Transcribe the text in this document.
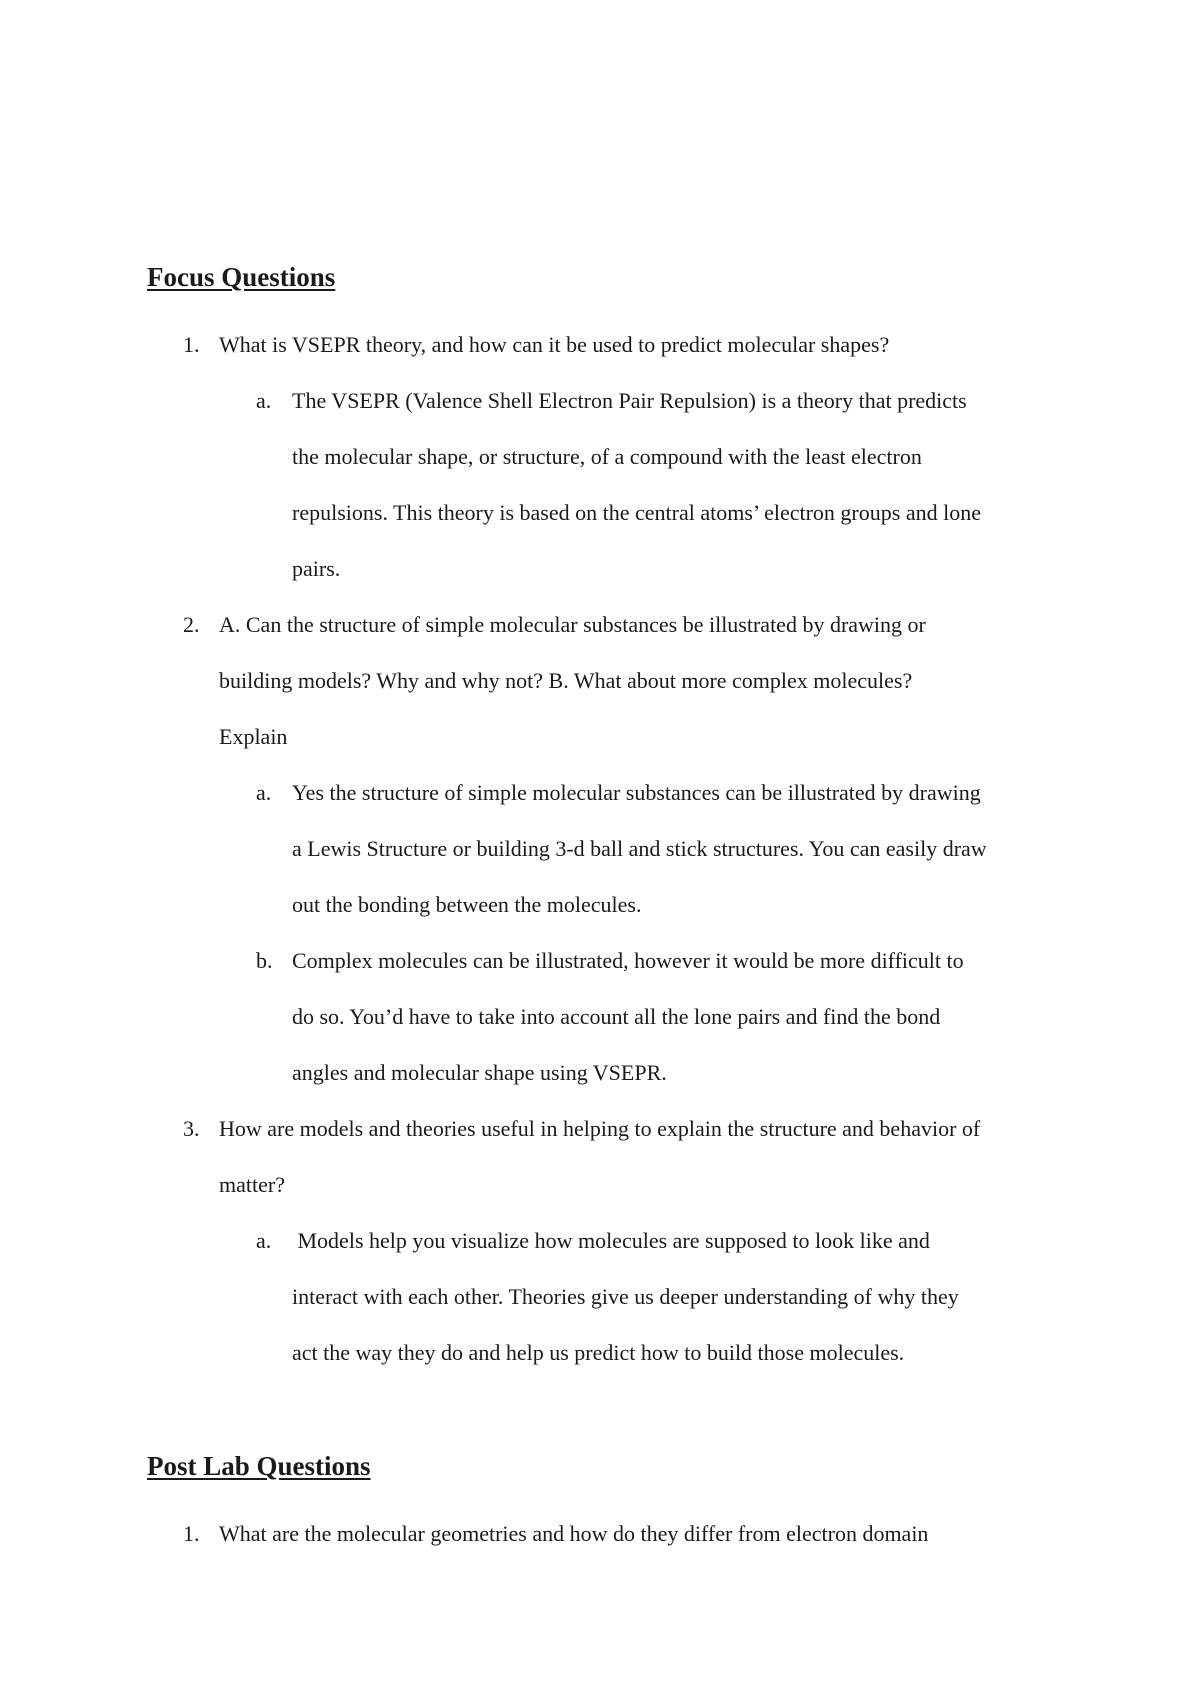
Focus Questions
1. What is VSEPR theory, and how can it be used to predict molecular shapes?
a. The VSEPR (Valence Shell Electron Pair Repulsion) is a theory that predicts
the molecular shape, or structure, of a compound with the least electron
repulsions. This theory is based on the central atoms’ electron groups and lone
pairs.
2. A. Can the structure of simple molecular substances be illustrated by drawing or
building models? Why and why not? B. What about more complex molecules?
Explain
a. Yes the structure of simple molecular substances can be illustrated by drawing
a Lewis Structure or building 3-d ball and stick structures. You can easily draw
out the bonding between the molecules.
b. Complex molecules can be illustrated, however it would be more difficult to
do so. You’d have to take into account all the lone pairs and find the bond
angles and molecular shape using VSEPR.
3. How are models and theories useful in helping to explain the structure and behavior of
matter?
a. Models help you visualize how molecules are supposed to look like and
interact with each other. Theories give us deeper understanding of why they
act the way they do and help us predict how to build those molecules.
Post Lab Questions
1. What are the molecular geometries and how do they differ from electron domain
